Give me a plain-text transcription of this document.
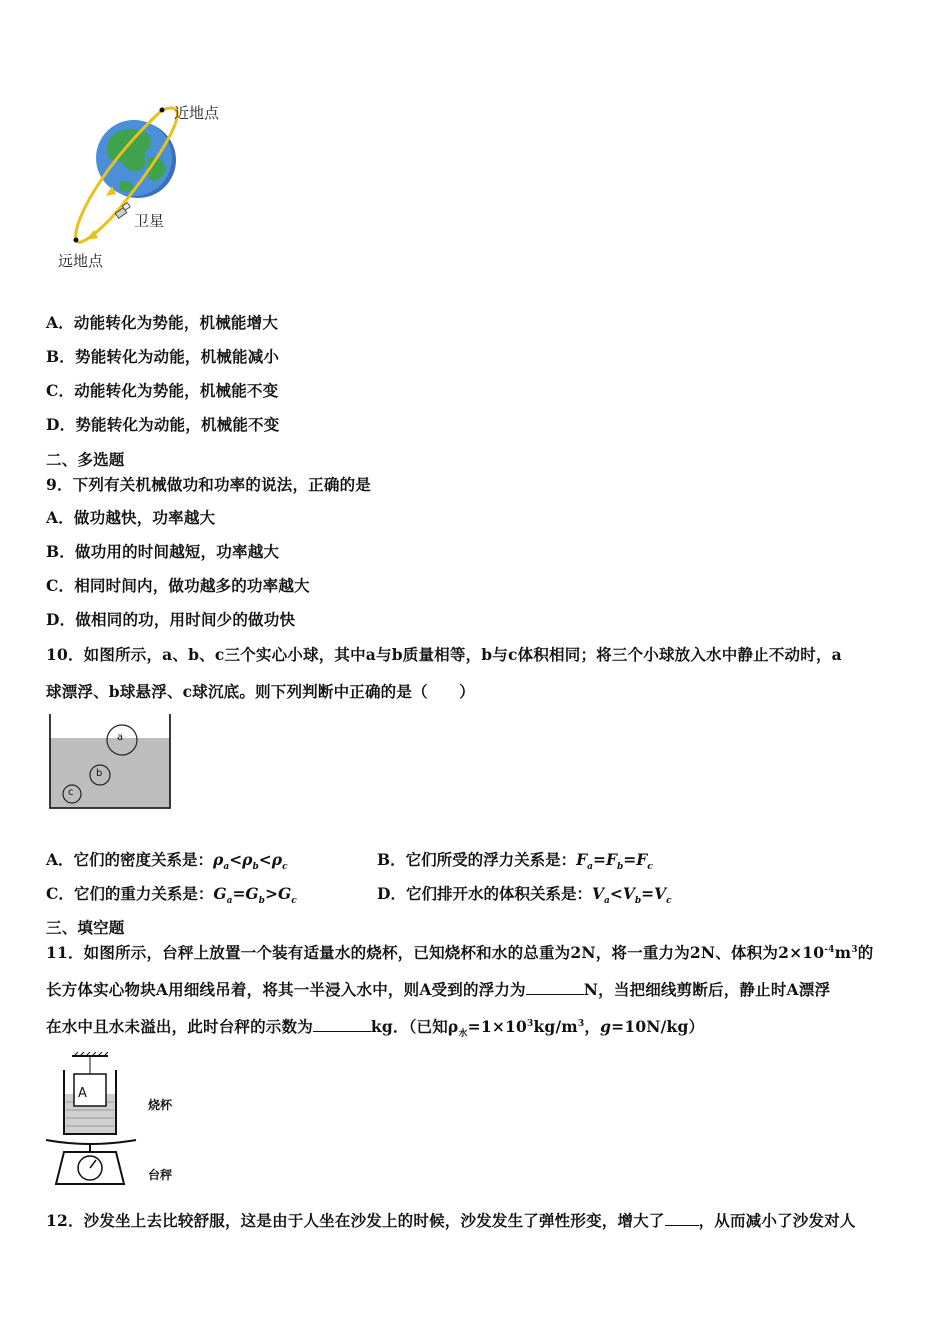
近地点
远地点
卫星
A．动能转化为势能，机械能增大
B．势能转化为动能，机械能减小
C．动能转化为势能，机械能不变
D．势能转化为动能，机械能不变
二、多选题
9．下列有关机械做功和功率的说法，正确的是
A．做功越快，功率越大
B．做功用的时间越短，功率越大
C．相同时间内，做功越多的功率越大
D．做相同的功，用时间少的做功快
10．如图所示，a、b、c三个实心小球，其中a与b质量相等，b与c体积相同；将三个小球放入水中静止不动时，a
球漂浮、b球悬浮、c球沉底。则下列判断中正确的是（　　）
a
b
c
A．它们的密度关系是：$\rho_a<\rho_b<\rho_c$	B．它们所受的浮力关系是：$F_a=F_b=F_c$
C．它们的重力关系是：$G_a=G_b>G_c$	D．它们排开水的体积关系是：$V_a<V_b=V_c$
三、填空题
11．如图所示，台秤上放置一个装有适量水的烧杯，已知烧杯和水的总重为2N，将一重力为2N、体积为$2\times 10^{-4}m^3$的
长方体实心物块A用细线吊着，将其一半浸入水中，则A受到的浮力为	N，当把细线剪断后，静止时A漂浮
在水中且水未溢出，此时台秤的示数为	kg．（已知$\rho_水=1\times 10^3kg/m^3$，g=10N/kg）
A
烧杯
台秤
12．沙发坐上去比较舒服，这是由于人坐在沙发上的时候，沙发发生了弹性形变，增大了 ，从而减小了沙发对人
